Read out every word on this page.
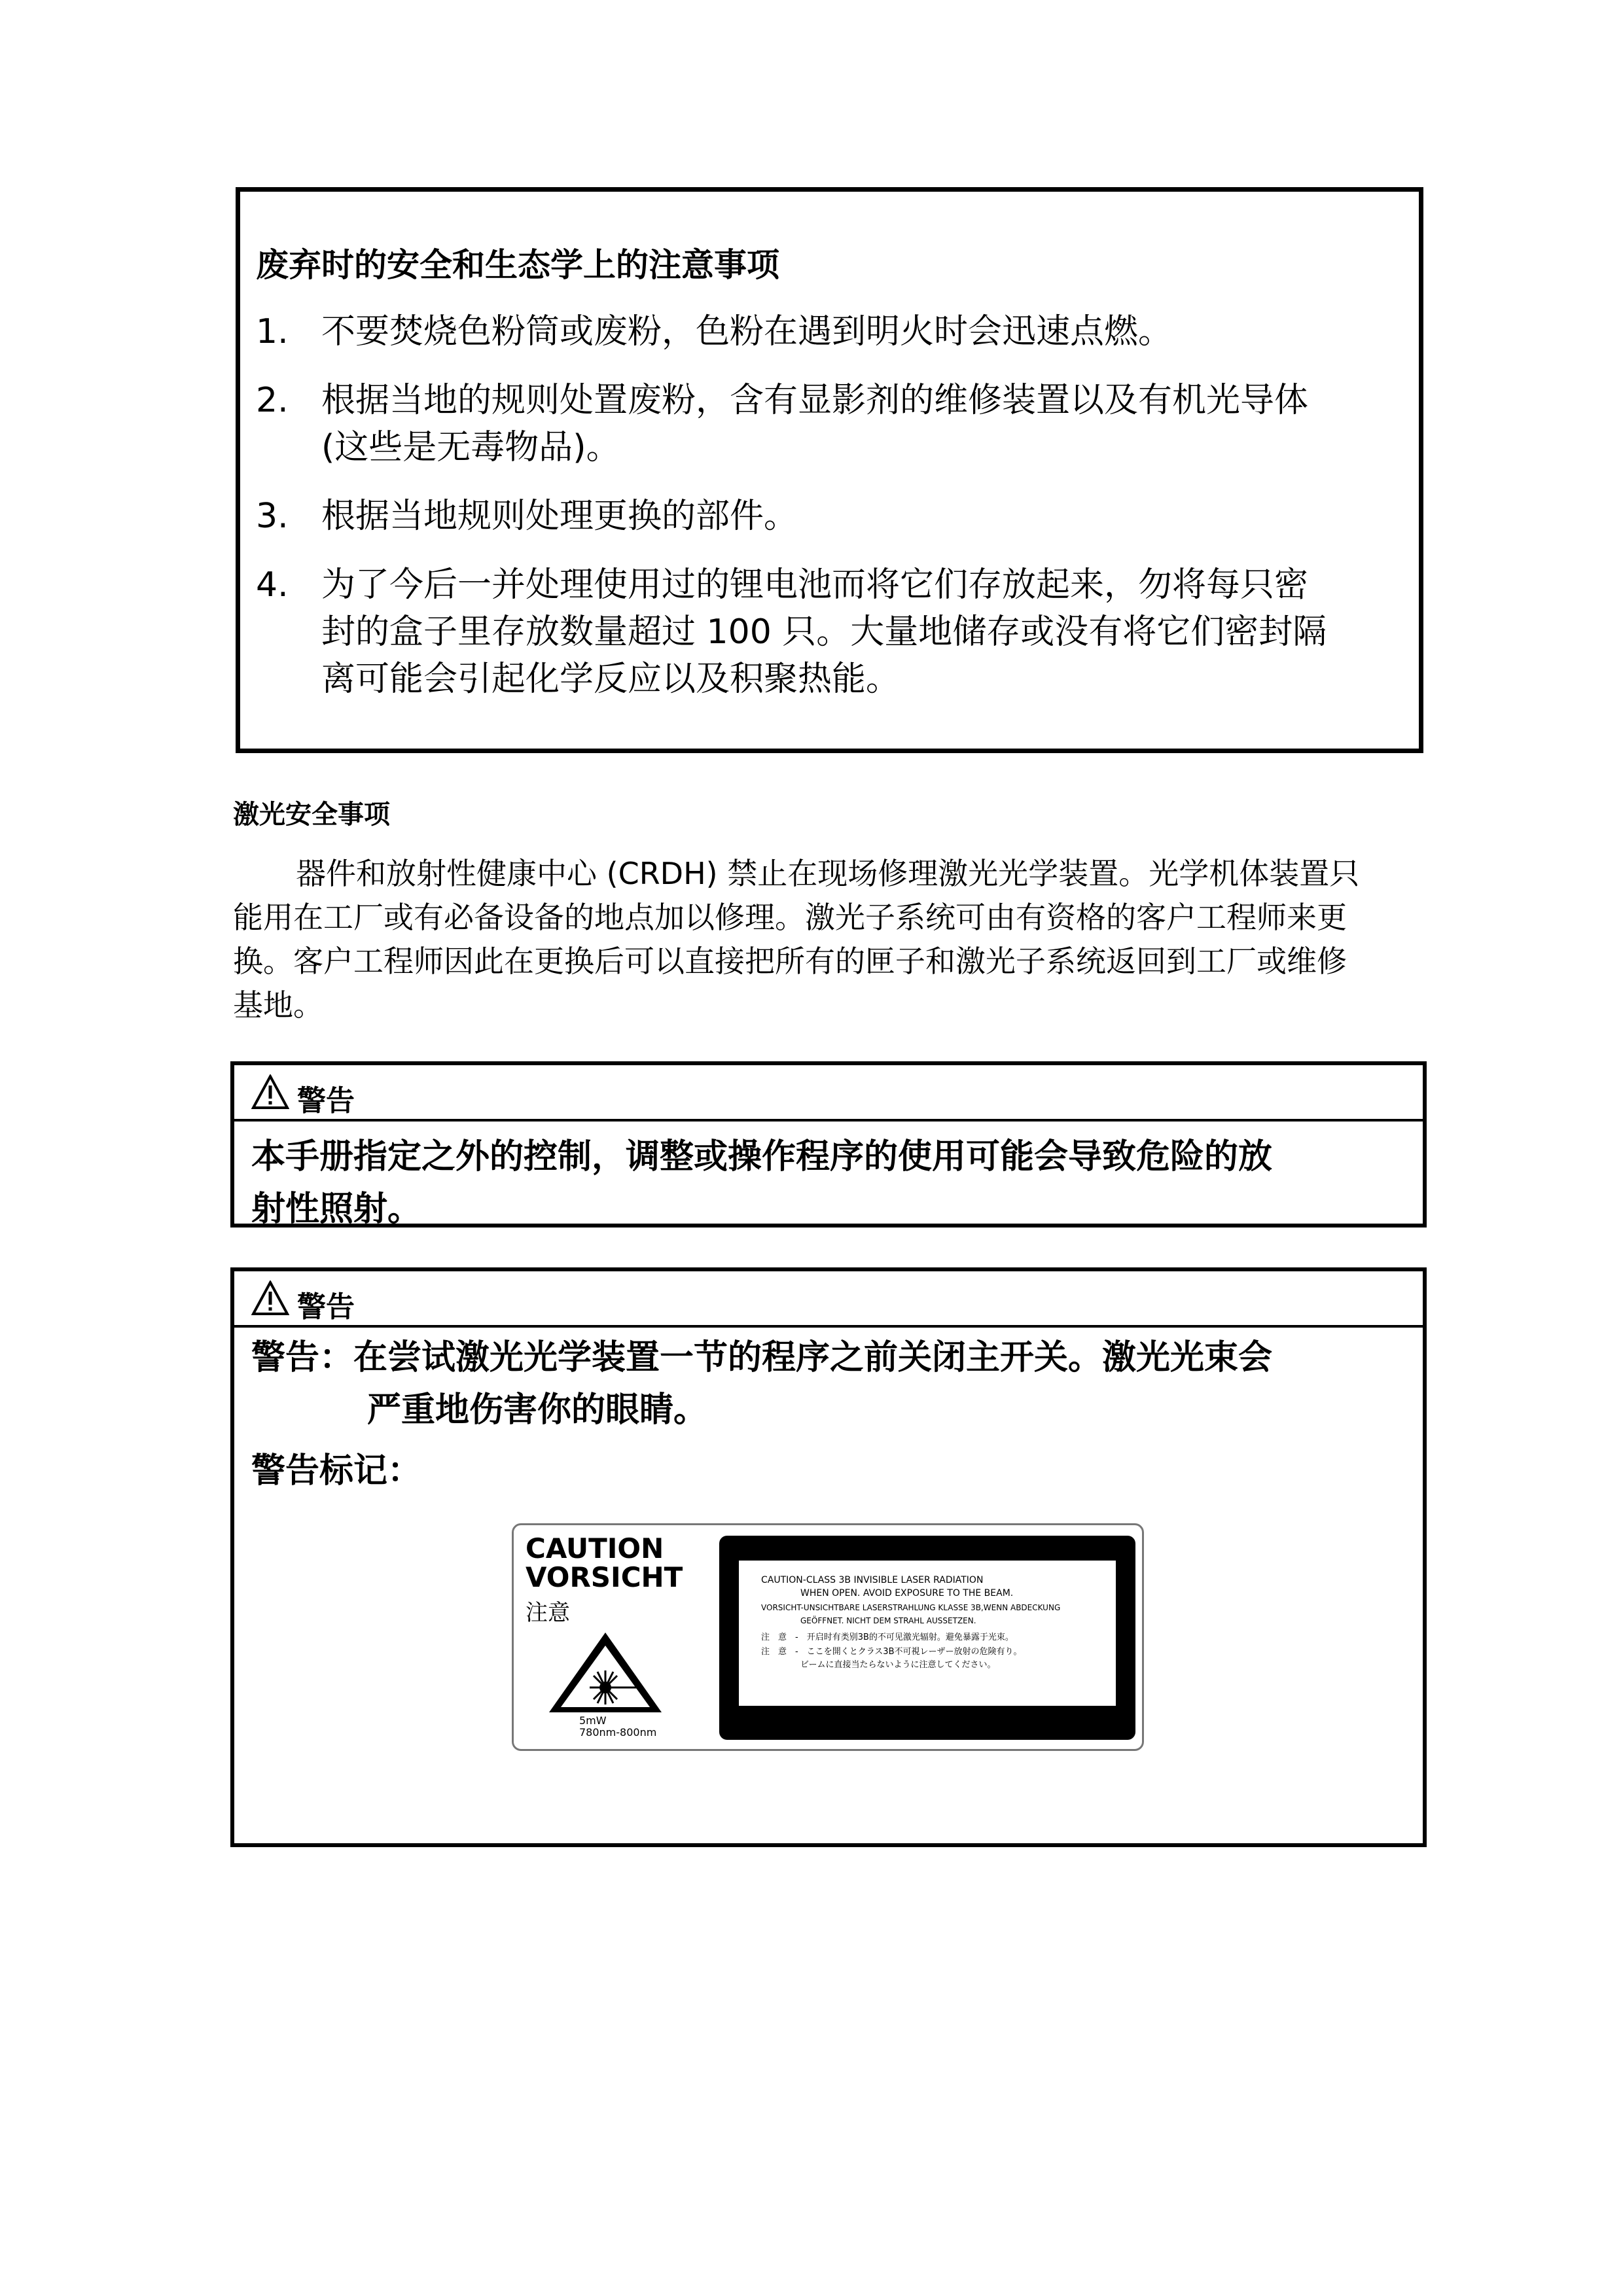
废弃时的安全和生态学上的注意事项
1. 不要焚烧色粉筒或废粉，色粉在遇到明火时会迅速点燃。
2. 根据当地的规则处置废粉，含有显影剂的维修装置以及有机光导体
(这些是无毒物品)。
3. 根据当地规则处理更换的部件。
4. 为了今后一并处理使用过的锂电池而将它们存放起来，勿将每只密
封的盒子里存放数量超过 100 只。大量地储存或没有将它们密封隔
离可能会引起化学反应以及积聚热能。
激光安全事项
器件和放射性健康中心 (CRDH) 禁止在现场修理激光光学装置。光学机体装置只
能用在工厂或有必备设备的地点加以修理。激光子系统可由有资格的客户工程师来更
换。客户工程师因此在更换后可以直接把所有的匣子和激光子系统返回到工厂或维修
基地。
警告
本手册指定之外的控制，调整或操作程序的使用可能会导致危险的放
射性照射。
警告
警告：在尝试激光光学装置一节的程序之前关闭主开关。激光光束会
严重地伤害你的眼睛。
警告标记：
CAUTION
VORSICHT
注意
5mW
780nm-800nm
CAUTION-CLASS 3B INVISIBLE LASER RADIATION
WHEN OPEN. AVOID EXPOSURE TO THE BEAM.
VORSICHT-UNSICHTBARE LASERSTRAHLUNG KLASSE 3B,WENN ABDECKUNG
GEÖFFNET. NICHT DEM STRAHL AUSSETZEN.
注　意　-　开启时有类别3B的不可见激光辐射。避免暴露于光束。
注　意　-　ここを開くとクラス3B不可視レーザー放射の危険有り。
ビームに直接当たらないように注意してください。
